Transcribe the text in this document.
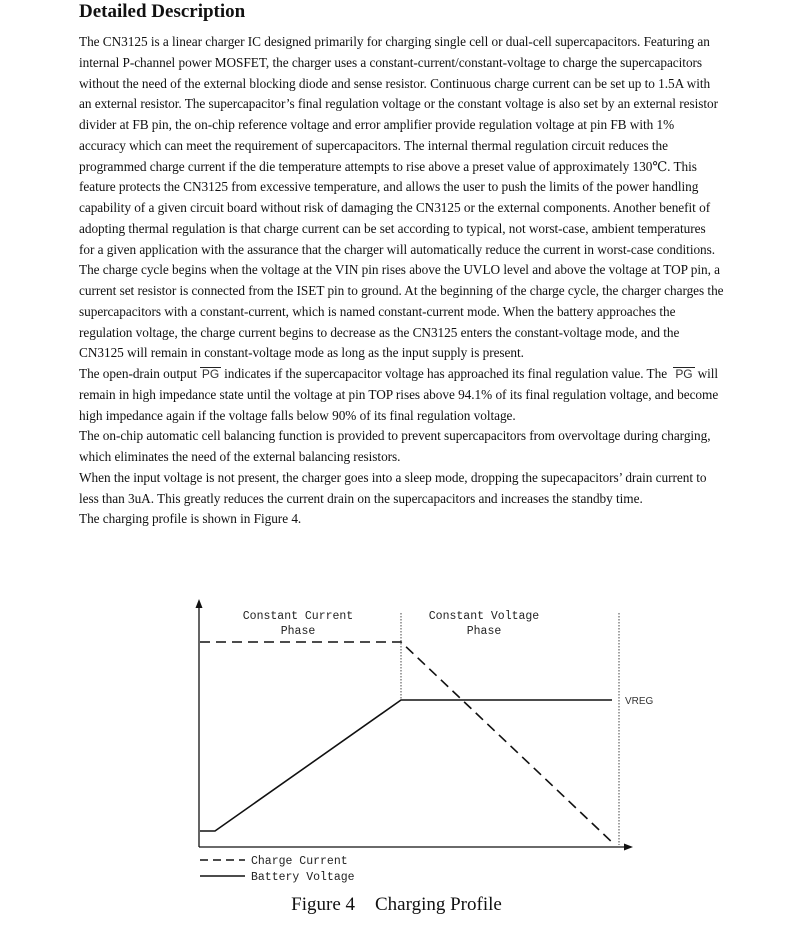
Detailed Description

The CN3125 is a linear charger IC designed primarily for charging single cell or dual-cell supercapacitors. Featuring an internal P-channel power MOSFET, the charger uses a constant-current/constant-voltage to charge the supercapacitors without the need of the external blocking diode and sense resistor. Continuous charge current can be set up to 1.5A with an external resistor. The supercapacitor’s final regulation voltage or the constant voltage is also set by an external resistor divider at FB pin, the on-chip reference voltage and error amplifier provide regulation voltage at pin FB with 1% accuracy which can meet the requirement of supercapacitors. The internal thermal regulation circuit reduces the programmed charge current if the die temperature attempts to rise above a preset value of approximately 130℃. This feature protects the CN3125 from excessive temperature, and allows the user to push the limits of the power handling capability of a given circuit board without risk of damaging the CN3125 or the external components. Another benefit of adopting thermal regulation is that charge current can be set according to typical, not worst-case, ambient temperatures for a given application with the assurance that the charger will automatically reduce the current in worst-case conditions.

The charge cycle begins when the voltage at the VIN pin rises above the UVLO level and above the voltage at TOP pin, a current set resistor is connected from the ISET pin to ground. At the beginning of the charge cycle, the charger charges the supercapacitors with a constant-current, which is named constant-current mode. When the battery approaches the regulation voltage, the charge current begins to decrease as the CN3125 enters the constant-voltage mode, and the CN3125 will remain in constant-voltage mode as long as the input supply is present.

The open-drain output PG indicates if the supercapacitor voltage has approached its final regulation value. The PG will remain in high impedance state until the voltage at pin TOP rises above 94.1% of its final regulation voltage, and become high impedance again if the voltage falls below 90% of its final regulation voltage.

The on-chip automatic cell balancing function is provided to prevent supercapacitors from overvoltage during charging, which eliminates the need of the external balancing resistors.

When the input voltage is not present, the charger goes into a sleep mode, dropping the supecapacitors’ drain current to less than 3uA. This greatly reduces the current drain on the supercapacitors and increases the standby time.

The charging profile is shown in Figure 4.

Constant Current
Phase
Constant Voltage
Phase
VREG
Charge Current
Battery Voltage

Figure 4 Charging Profile
